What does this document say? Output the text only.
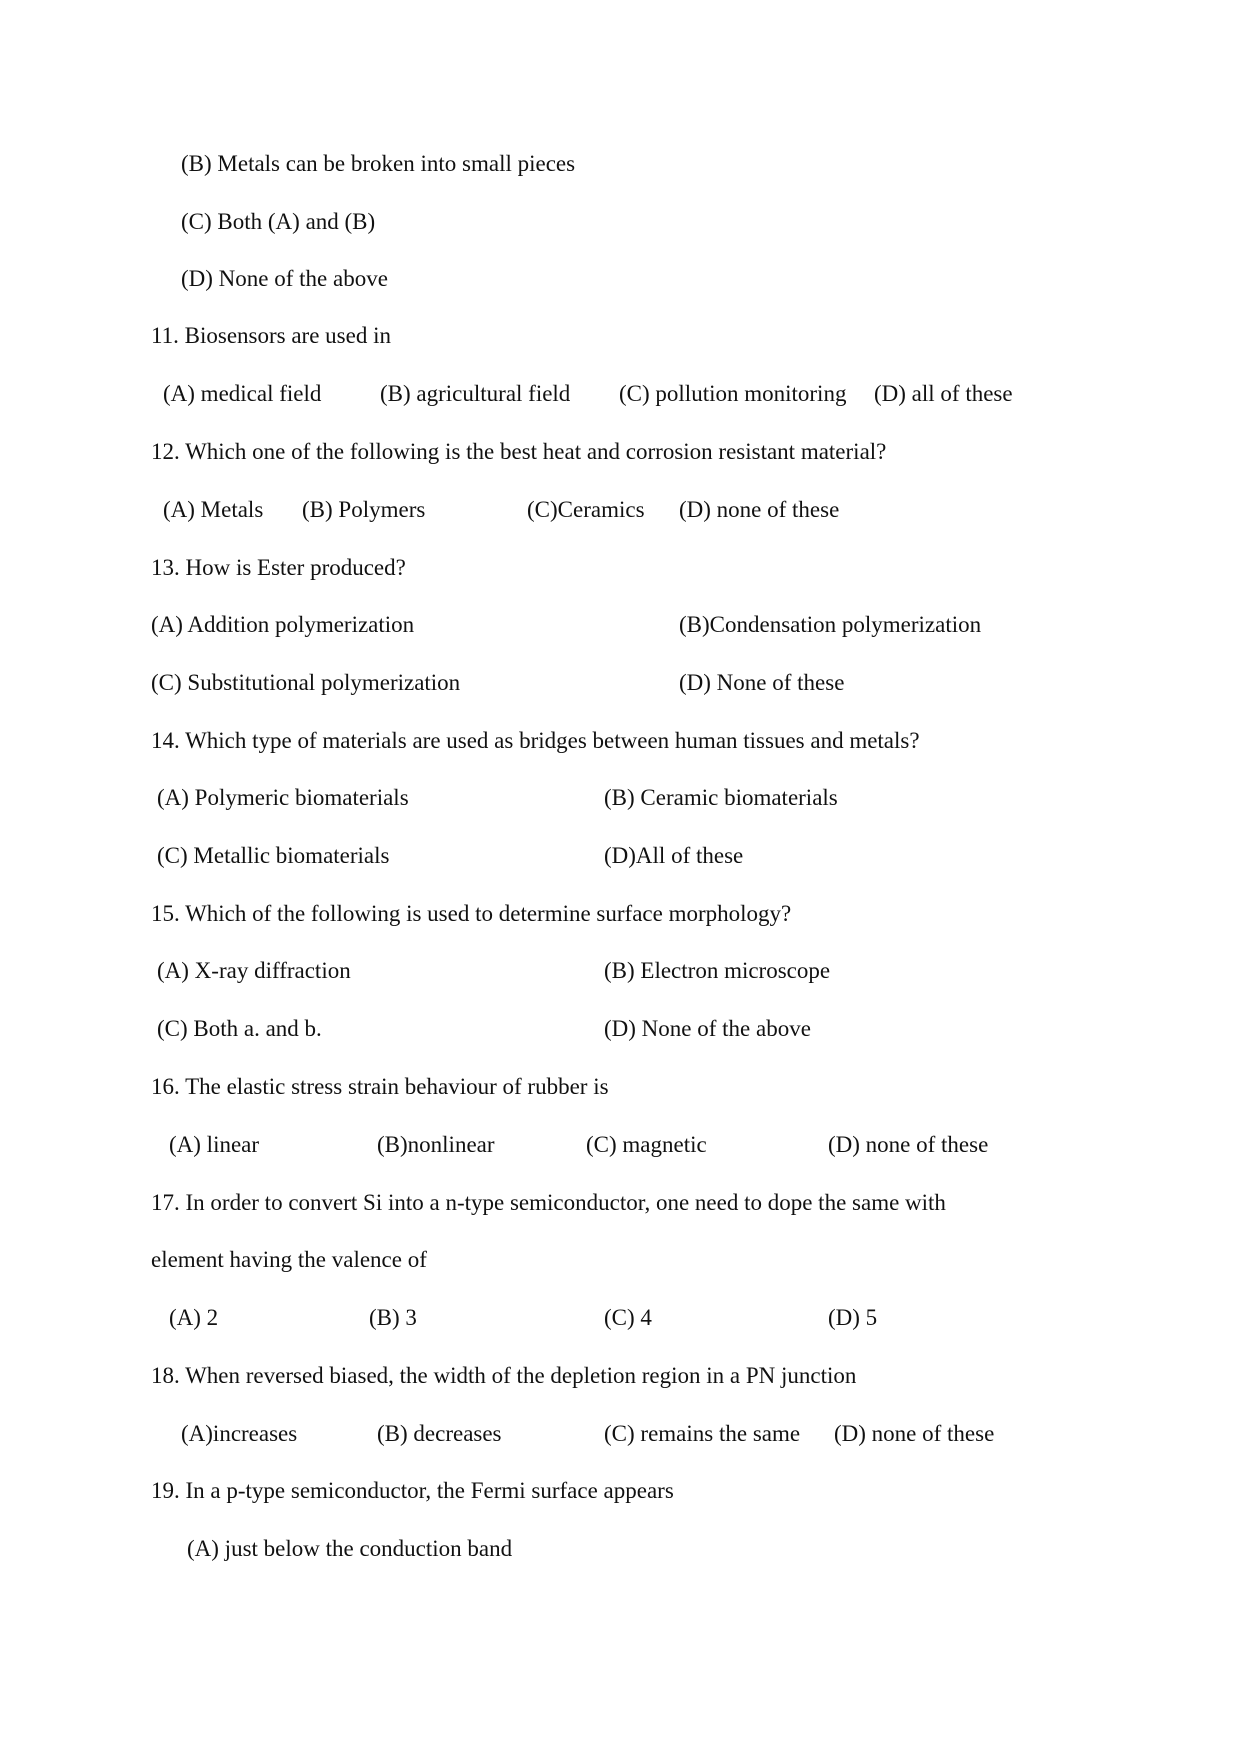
(B) Metals can be broken into small pieces
(C) Both (A) and (B)
(D) None of the above
11. Biosensors are used in
(A) medical field	(B) agricultural field (C) pollution monitoring (D) all of these
12. Which one of the following is the best heat and corrosion resistant material?
(A) Metals (B) Polymers	(C)Ceramics (D) none of these
13. How is Ester produced?
(A) Addition polymerization	(B)Condensation polymerization
(C) Substitutional polymerization	(D) None of these
14. Which type of materials are used as bridges between human tissues and metals?
(A) Polymeric biomaterials	(B) Ceramic biomaterials
(C) Metallic biomaterials	(D)All of these
15. Which of the following is used to determine surface morphology?
(A) X-ray diffraction	(B) Electron microscope
(C) Both a. and b.	(D) None of the above
16. The elastic stress strain behaviour of rubber is
(A) linear	(B)nonlinear	(C) magnetic	(D) none of these
17. In order to convert Si into a n-type semiconductor, one need to dope the same with
element having the valence of
(A) 2	(B) 3	(C) 4	(D) 5
18. When reversed biased, the width of the depletion region in a PN junction
(A)increases	(B) decreases	(C) remains the same (D) none of these
19. In a p-type semiconductor, the Fermi surface appears
(A) just below the conduction band
